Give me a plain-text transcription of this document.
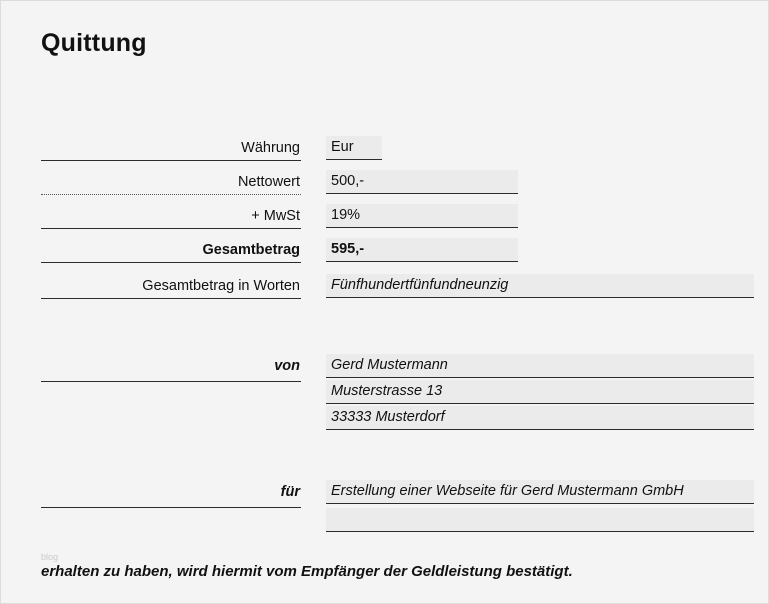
Quittung
Währung	Eur
Nettowert	500,-
+ MwSt	19%
Gesamtbetrag	595,-
Gesamtbetrag in Worten	Fünfhundertfünfundneunzig
von	Gerd Mustermann
Musterstrasse 13
33333 Musterdorf
für	Erstellung einer Webseite für Gerd Mustermann GmbH
blog
erhalten zu haben, wird hiermit vom Empfänger der Geldleistung bestätigt.
